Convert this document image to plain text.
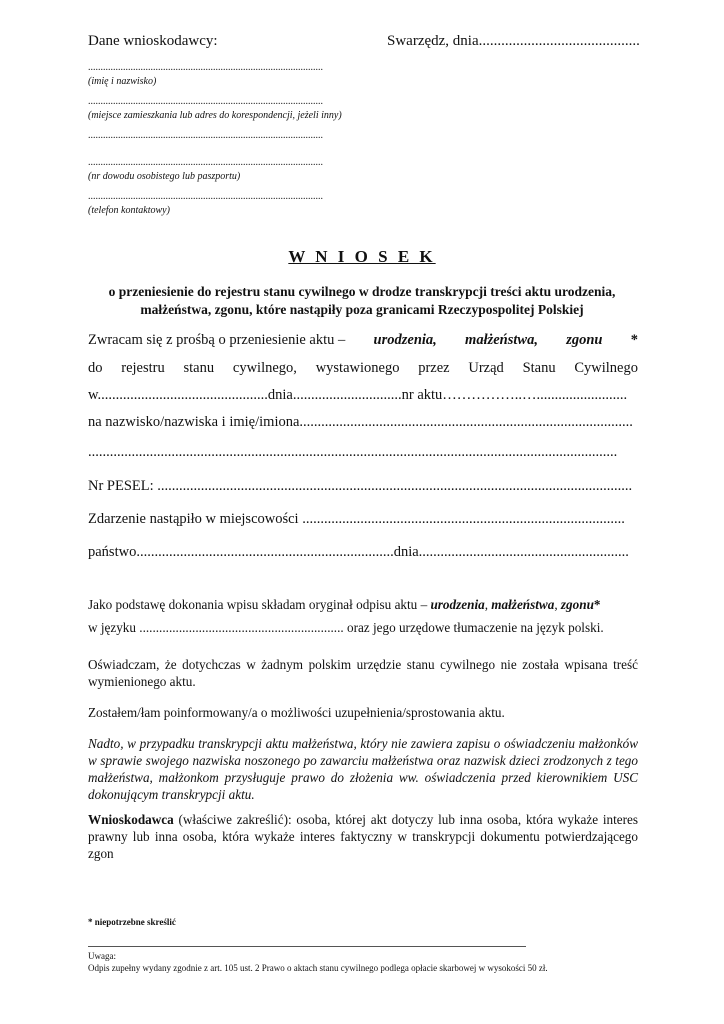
Dane wnioskodawcy:	Swarzędz, dnia...........................................
..............................................................................................
(imię i nazwisko)
..............................................................................................
(miejsce zamieszkania lub adres do korespondencji, jeżeli inny)
..............................................................................................
..............................................................................................
(nr dowodu osobistego lub paszportu)
..............................................................................................
(telefon kontaktowy)
W N I O S E K
o przeniesienie do rejestru stanu cywilnego w drodze transkrypcji treści aktu urodzenia,
małżeństwa, zgonu, które nastąpiły poza granicami Rzeczypospolitej Polskiej
Zwracam się z prośbą o przeniesienie aktu – urodzenia, małżeństwa, zgonu *
do rejestru stanu cywilnego, wystawionego przez Urząd Stanu Cywilnego
w...............................................dnia..............................nr aktu……………..….........................
na nazwisko/nazwiska i imię/imiona............................................................................................
..................................................................................................................................................
Nr PESEL: ...................................................................................................................................
Zdarzenie nastąpiło w miejscowości .........................................................................................
państwo.......................................................................dnia..........................................................
Jako podstawę dokonania wpisu składam oryginał odpisu aktu – urodzenia, małżeństwa, zgonu*
w języku .............................................................. oraz jego urzędowe tłumaczenie na język polski.
Oświadczam, że dotychczas w żadnym polskim urzędzie stanu cywilnego nie została wpisana treść wymienionego aktu.
Zostałem/łam poinformowany/a o możliwości uzupełnienia/sprostowania aktu.
Nadto, w przypadku transkrypcji aktu małżeństwa, który nie zawiera zapisu o oświadczeniu małżonków w sprawie swojego nazwiska noszonego po zawarciu małżeństwa oraz nazwisk dzieci zrodzonych z tego małżeństwa, małżonkom przysługuje prawo do złożenia ww. oświadczenia przed kierownikiem USC dokonującym transkrypcji aktu.
Wnioskodawca (właściwe zakreślić): osoba, której akt dotyczy lub inna osoba, która wykaże interes prawny lub inna osoba, która wykaże interes faktyczny w transkrypcji dokumentu potwierdzającego zgon
* niepotrzebne skreślić
Uwaga:
Odpis zupełny wydany zgodnie z art. 105 ust. 2 Prawo o aktach stanu cywilnego podlega opłacie skarbowej w wysokości 50 zł.
